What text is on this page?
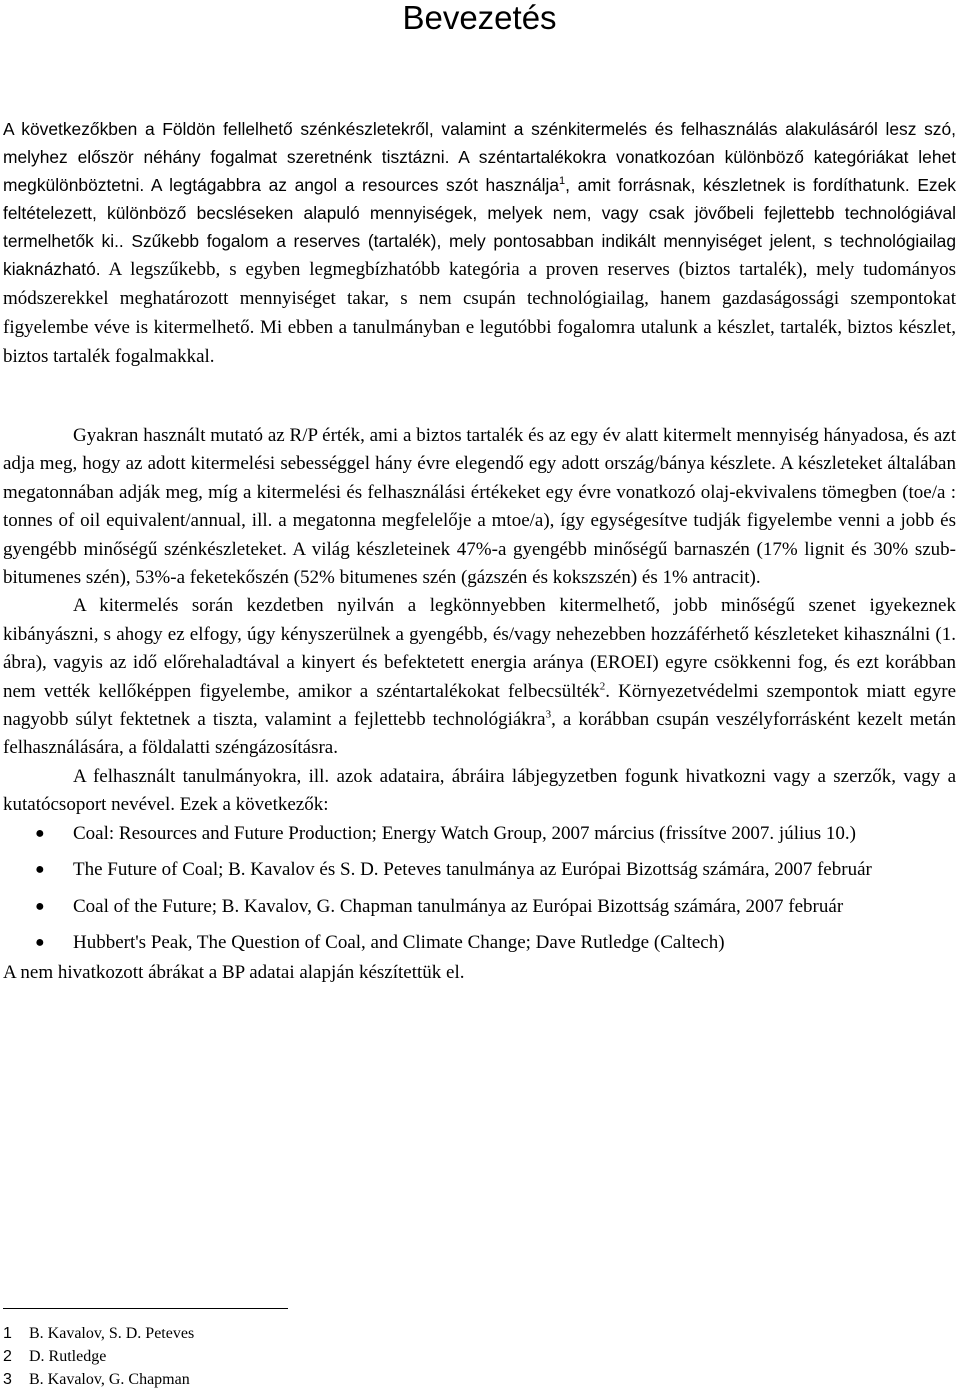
Bevezetés

A következőkben a Földön fellelhető szénkészletekről, valamint a szénkitermelés és felhasználás alakulásáról lesz szó, melyhez először néhány fogalmat szeretnénk tisztázni. A széntartalékokra vonatkozóan különböző kategóriákat lehet megkülönböztetni. A legtágabbra az angol a resources szót használja$^1$, amit forrásnak, készletnek is fordíthatunk. Ezek feltételezett, különböző becsléseken alapuló mennyiségek, melyek nem, vagy csak jövőbeli fejlettebb technológiával termelhetők ki.. Szűkebb fogalom a reserves (tartalék), mely pontosabban indikált mennyiséget jelent, s technológiailag kiaknázható. A legszűkebb, s egyben legmegbízhatóbb kategória a proven reserves (biztos tartalék), mely tudományos módszerekkel meghatározott mennyiséget takar, s nem csupán technológiailag, hanem gazdaságossági szempontokat figyelembe véve is kitermelhető. Mi ebben a tanulmányban e legutóbbi fogalomra utalunk a készlet, tartalék, biztos készlet, biztos tartalék fogalmakkal.

Gyakran használt mutató az R/P érték, ami a biztos tartalék és az egy év alatt kitermelt mennyiség hányadosa, és azt adja meg, hogy az adott kitermelési sebességgel hány évre elegendő egy adott ország/bánya készlete. A készleteket általában megatonnában adják meg, míg a kitermelési és felhasználási értékeket egy évre vonatkozó olaj-ekvivalens tömegben (toe/a : tonnes of oil equivalent/annual, ill. a megatonna megfelelője a mtoe/a), így egységesítve tudják figyelembe venni a jobb és gyengébb minőségű szénkészleteket. A világ készleteinek 47%-a gyengébb minőségű barnaszén (17% lignit és 30% szub-bitumenes szén), 53%-a feketekőszén (52% bitumenes szén (gázszén és kokszszén) és 1% antracit).

A kitermelés során kezdetben nyilván a legkönnyebben kitermelhető, jobb minőségű szenet igyekeznek kibányászni, s ahogy ez elfogy, úgy kényszerülnek a gyengébb, és/vagy nehezebben hozzáférhető készleteket kihasználni (1. ábra), vagyis az idő előrehaladtával a kinyert és befektetett energia aránya (EROEI) egyre csökkenni fog, és ezt korábban nem vették kellőképpen figyelembe, amikor a széntartalékokat felbecsülték$^2$. Környezetvédelmi szempontok miatt egyre nagyobb súlyt fektetnek a tiszta, valamint a fejlettebb technológiákra$^3$, a korábban csupán veszélyforrásként kezelt metán felhasználására, a földalatti széngázosításra.

A felhasznált tanulmányokra, ill. azok adataira, ábráira lábjegyzetben fogunk hivatkozni vagy a szerzők, vagy a kutatócsoport nevével. Ezek a következők:

● Coal: Resources and Future Production; Energy Watch Group, 2007 március (frissítve 2007. július 10.)
● The Future of Coal; B. Kavalov és S. D. Peteves tanulmánya az Európai Bizottság számára, 2007 február
● Coal of the Future; B. Kavalov, G. Chapman tanulmánya az Európai Bizottság számára, 2007 február
● Hubbert's Peak, The Question of Coal, and Climate Change; Dave Rutledge (Caltech)

A nem hivatkozott ábrákat a BP adatai alapján készítettük el.

1 B. Kavalov, S. D. Peteves
2 D. Rutledge
3 B. Kavalov, G. Chapman
